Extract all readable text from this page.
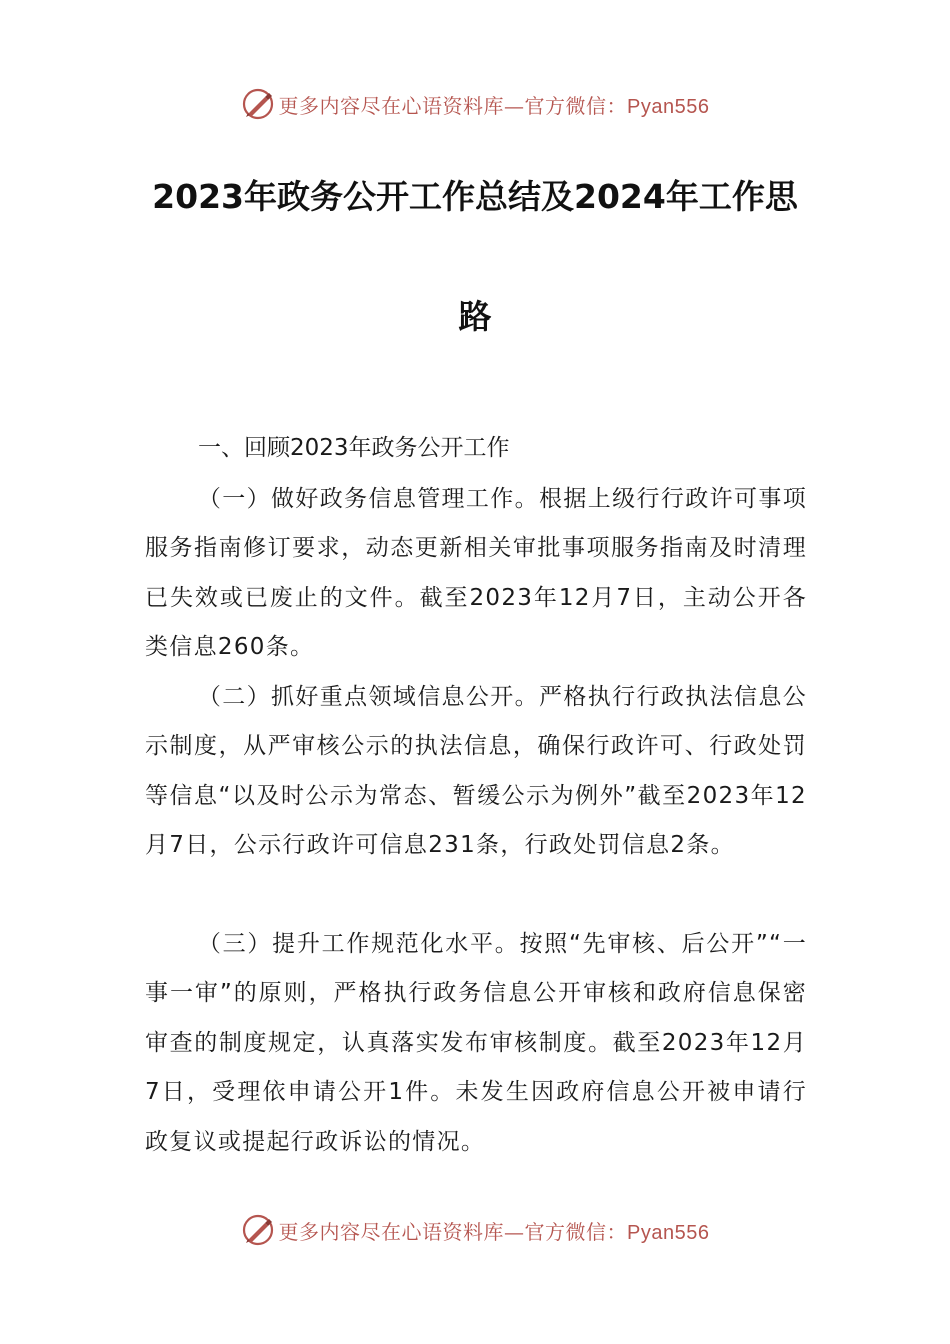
更多内容尽在心语资料库—官方微信：Pyan556
2023年政务公开工作总结及2024年工作思
路
一、回顾2023年政务公开工作

（一）做好政务信息管理工作。根据上级行行政许可事项服务指南修订要求，动态更新相关审批事项服务指南及时清理已失效或已废止的文件。截至2023年12月7日，主动公开各类信息260条。

（二）抓好重点领域信息公开。严格执行行政执法信息公示制度，从严审核公示的执法信息，确保行政许可、行政处罚等信息“以及时公示为常态、暂缓公示为例外”截至2023年12月7日，公示行政许可信息231条，行政处罚信息2条。

（三）提升工作规范化水平。按照“先审核、后公开”“一事一审”的原则，严格执行政务信息公开审核和政府信息保密审查的制度规定，认真落实发布审核制度。截至2023年12月7日，受理依申请公开1件。未发生因政府信息公开被申请行政复议或提起行政诉讼的情况。

更多内容尽在心语资料库—官方微信：Pyan556
